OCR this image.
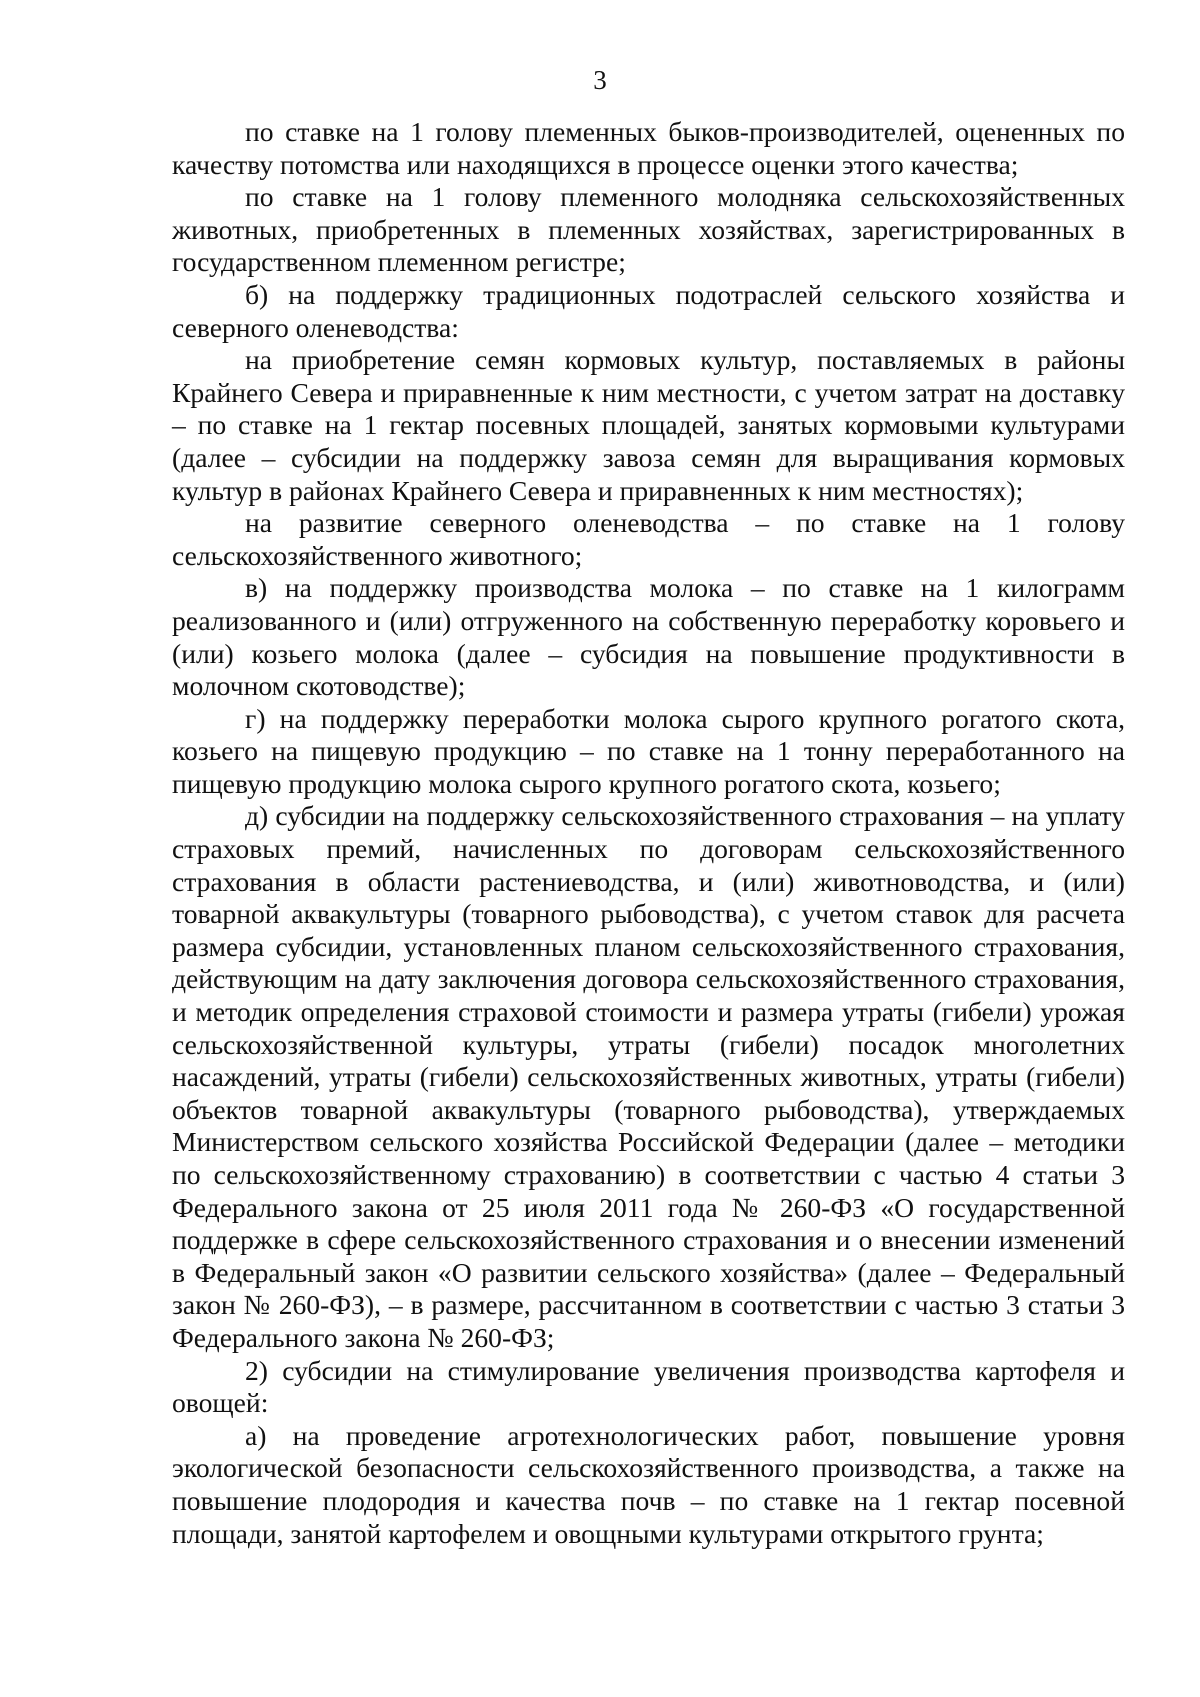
3

по ставке на 1 голову племенных быков-производителей, оцененных по качеству потомства или находящихся в процессе оценки этого качества;

по ставке на 1 голову племенного молодняка сельскохозяйственных животных, приобретенных в племенных хозяйствах, зарегистрированных в государственном племенном регистре;

б) на поддержку традиционных подотраслей сельского хозяйства и северного оленеводства:

на приобретение семян кормовых культур, поставляемых в районы Крайнего Севера и приравненные к ним местности, с учетом затрат на доставку – по ставке на 1 гектар посевных площадей, занятых кормовыми культурами (далее – субсидии на поддержку завоза семян для выращивания кормовых культур в районах Крайнего Севера и приравненных к ним местностях);

на развитие северного оленеводства – по ставке на 1 голову сельскохозяйственного животного;

в) на поддержку производства молока – по ставке на 1 килограмм реализованного и (или) отгруженного на собственную переработку коровьего и (или) козьего молока (далее – субсидия на повышение продуктивности в молочном скотоводстве);

г) на поддержку переработки молока сырого крупного рогатого скота, козьего на пищевую продукцию – по ставке на 1 тонну переработанного на пищевую продукцию молока сырого крупного рогатого скота, козьего;

д) субсидии на поддержку сельскохозяйственного страхования – на уплату страховых премий, начисленных по договорам сельскохозяйственного страхования в области растениеводства, и (или) животноводства, и (или) товарной аквакультуры (товарного рыбоводства), с учетом ставок для расчета размера субсидии, установленных планом сельскохозяйственного страхования, действующим на дату заключения договора сельскохозяйственного страхования, и методик определения страховой стоимости и размера утраты (гибели) урожая сельскохозяйственной культуры, утраты (гибели) посадок многолетних насаждений, утраты (гибели) сельскохозяйственных животных, утраты (гибели) объектов товарной аквакультуры (товарного рыбоводства), утверждаемых Министерством сельского хозяйства Российской Федерации (далее – методики по сельскохозяйственному страхованию) в соответствии с частью 4 статьи 3 Федерального закона от 25 июля 2011 года № 260-ФЗ «О государственной поддержке в сфере сельскохозяйственного страхования и о внесении изменений в Федеральный закон «О развитии сельского хозяйства» (далее – Федеральный закон № 260-ФЗ), – в размере, рассчитанном в соответствии с частью 3 статьи 3 Федерального закона № 260-ФЗ;

2) субсидии на стимулирование увеличения производства картофеля и овощей:

а) на проведение агротехнологических работ, повышение уровня экологической безопасности сельскохозяйственного производства, а также на повышение плодородия и качества почв – по ставке на 1 гектар посевной площади, занятой картофелем и овощными культурами открытого грунта;
